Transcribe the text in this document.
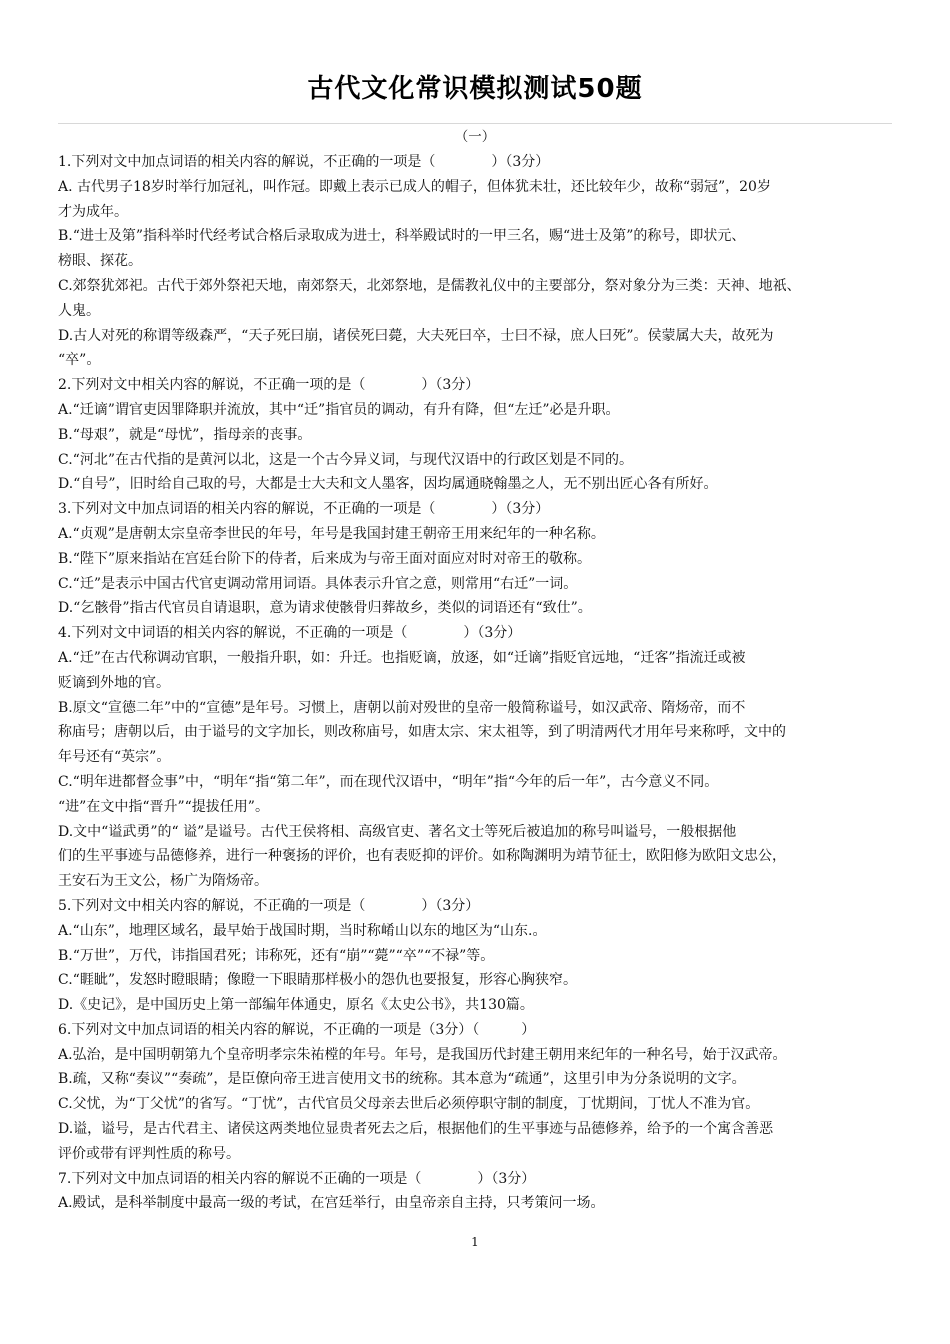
古代文化常识模拟测试50题
（一）
1.下列对文中加点词语的相关内容的解说，不正确的一项是（　　　　）（3分）
A. 古代男子18岁时举行加冠礼，叫作冠。即戴上表示已成人的帽子，但体犹未壮，还比较年少，故称“弱冠”，20岁
才为成年。
B.“进士及第”指科举时代经考试合格后录取成为进士，科举殿试时的一甲三名，赐“进士及第”的称号，即状元、
榜眼、探花。
C.郊祭犹郊祀。古代于郊外祭祀天地，南郊祭天，北郊祭地，是儒教礼仪中的主要部分，祭对象分为三类：天神、地祇、
人鬼。
D.古人对死的称谓等级森严，“天子死曰崩，诸侯死曰薨，大夫死曰卒，士曰不禄，庶人曰死”。侯蒙属大夫，故死为
“卒”。
2.下列对文中相关内容的解说，不正确一项的是（　　　　）（3分）
A.“迁谪”谓官吏因罪降职并流放，其中“迁”指官员的调动，有升有降，但“左迁”必是升职。
B.“母艰”，就是“母忧”，指母亲的丧事。
C.“河北”在古代指的是黄河以北，这是一个古今异义词，与现代汉语中的行政区划是不同的。
D.“自号”，旧时给自己取的号，大都是士大夫和文人墨客，因均属通晓翰墨之人，无不别出匠心各有所好。
3.下列对文中加点词语的相关内容的解说，不正确的一项是（　　　　）（3分）
A.“贞观”是唐朝太宗皇帝李世民的年号，年号是我国封建王朝帝王用来纪年的一种名称。
B.“陛下”原来指站在宫廷台阶下的侍者，后来成为与帝王面对面应对时对帝王的敬称。
C.“迁”是表示中国古代官吏调动常用词语。具体表示升官之意，则常用“右迁”一词。
D.“乞骸骨”指古代官员自请退职，意为请求使骸骨归葬故乡，类似的词语还有“致仕”。
4.下列对文中词语的相关内容的解说，不正确的一项是（　　　　）（3分）
A.“迁”在古代称调动官职，一般指升职，如：升迁。也指贬谪，放逐，如“迁谪”指贬官远地，“迁客”指流迁或被
贬谪到外地的官。
B.原文“宣德二年”中的“宣德”是年号。习惯上，唐朝以前对殁世的皇帝一般简称谥号，如汉武帝、隋炀帝，而不
称庙号；唐朝以后，由于谥号的文字加长，则改称庙号，如唐太宗、宋太祖等，到了明清两代才用年号来称呼，文中的
年号还有“英宗”。
C.“明年进都督佥事”中，“明年“指“第二年”，而在现代汉语中，“明年”指“今年的后一年”，古今意义不同。
“进”在文中指“晋升”“提拔任用”。
D.文中“谥武勇”的“ 谥”是谥号。古代王侯将相、高级官吏、著名文士等死后被追加的称号叫谥号，一般根据他
们的生平事迹与品德修养，进行一种褒扬的评价，也有表贬抑的评价。如称陶渊明为靖节征士，欧阳修为欧阳文忠公，
王安石为王文公，杨广为隋炀帝。
5.下列对文中相关内容的解说，不正确的一项是（　　　　）（3分）
A.“山东”，地理区域名，最早始于战国时期，当时称崤山以东的地区为“山东.。
B.“万世”，万代，讳指国君死；讳称死，还有“崩”“薨”“卒”“不禄”等。
C.“睚眦”，发怒时瞪眼睛；像瞪一下眼睛那样极小的怨仇也要报复，形容心胸狭窄。
D.《史记》，是中国历史上第一部编年体通史，原名《太史公书》，共130篇。
6.下列对文中加点词语的相关内容的解说，不正确的一项是（3分）（　　　）
A.弘治，是中国明朝第九个皇帝明孝宗朱祐樘的年号。年号，是我国历代封建王朝用来纪年的一种名号，始于汉武帝。
B.疏，又称“奏议”“奏疏”，是臣僚向帝王进言使用文书的统称。其本意为“疏通”，这里引申为分条说明的文字。
C.父忧，为“丁父忧”的省写。“丁忧”，古代官员父母亲去世后必须停职守制的制度，丁忧期间，丁忧人不准为官。
D.谥，谥号，是古代君主、诸侯这两类地位显贵者死去之后，根据他们的生平事迹与品德修养，给予的一个寓含善恶
评价或带有评判性质的称号。
7.下列对文中加点词语的相关内容的解说不正确的一项是（　　　　）（3分）
A.殿试，是科举制度中最高一级的考试，在宫廷举行，由皇帝亲自主持，只考策问一场。
1
